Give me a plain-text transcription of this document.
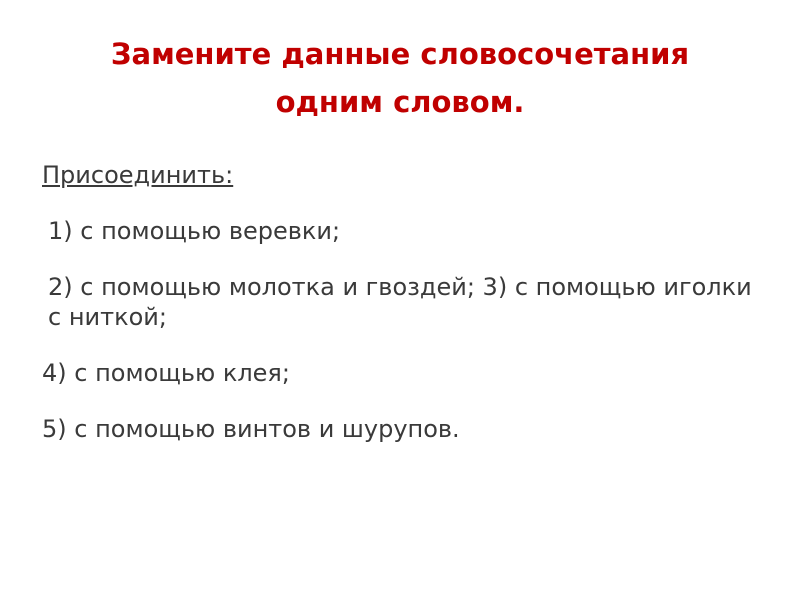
Замените данные словосочетания
одним словом.

Присоединить:

1) с помощью веревки;

2) с помощью молотка и гвоздей; 3) с помощью иголки с ниткой;

4) с помощью клея;

5) с помощью винтов и шурупов.
